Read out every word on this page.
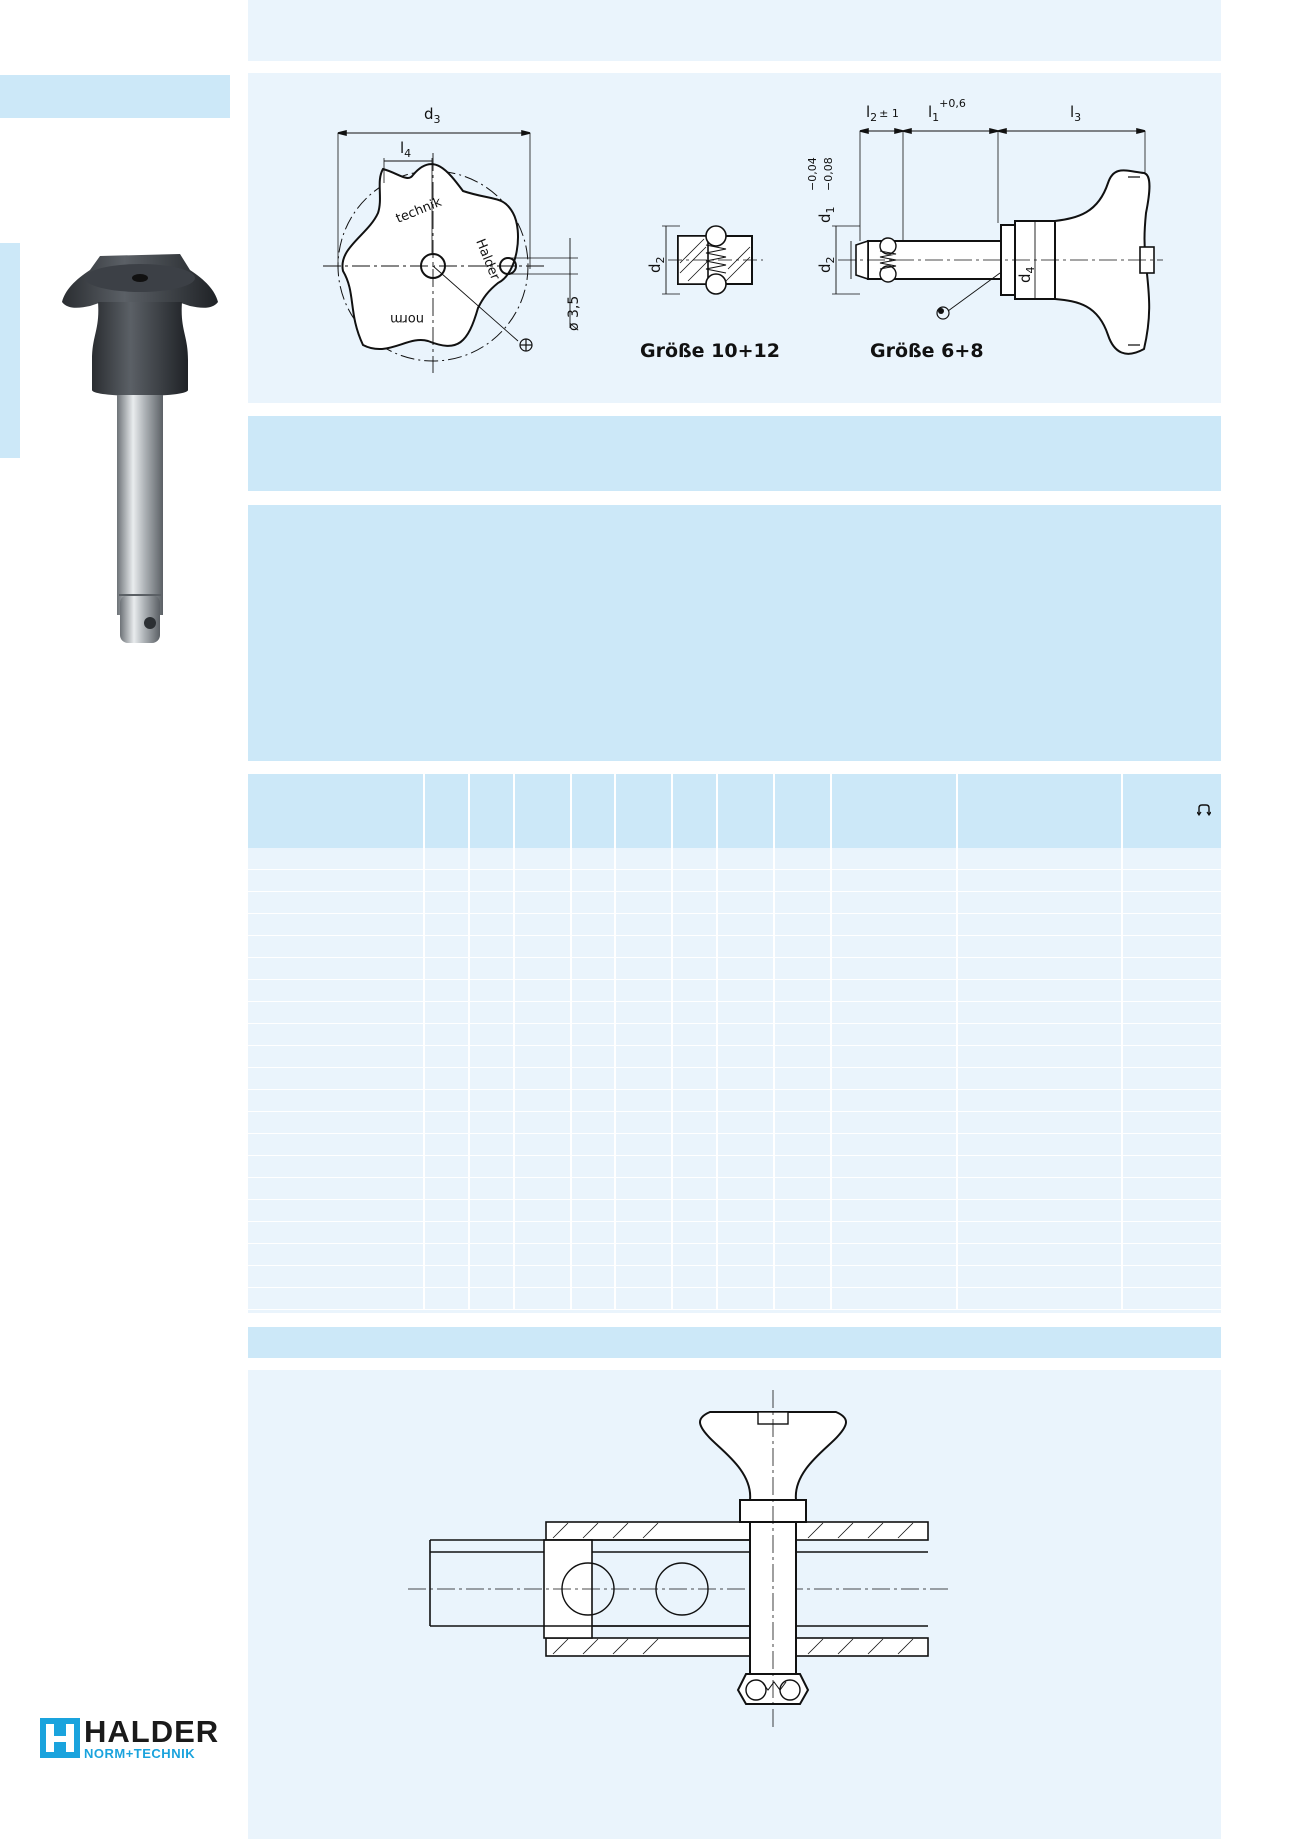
HALDER
NORM+TECHNIK
$d_3$
$l_4$
technik
Halder
norm	ø 3,5
$d_2$
$d_2$
$d_1$
−0,04 −0,08
$d_4$
$l_2$ $^{\pm 1}$ $l_1^{+0,6}$	$l_3$
Größe 10+12	Größe 6+8
